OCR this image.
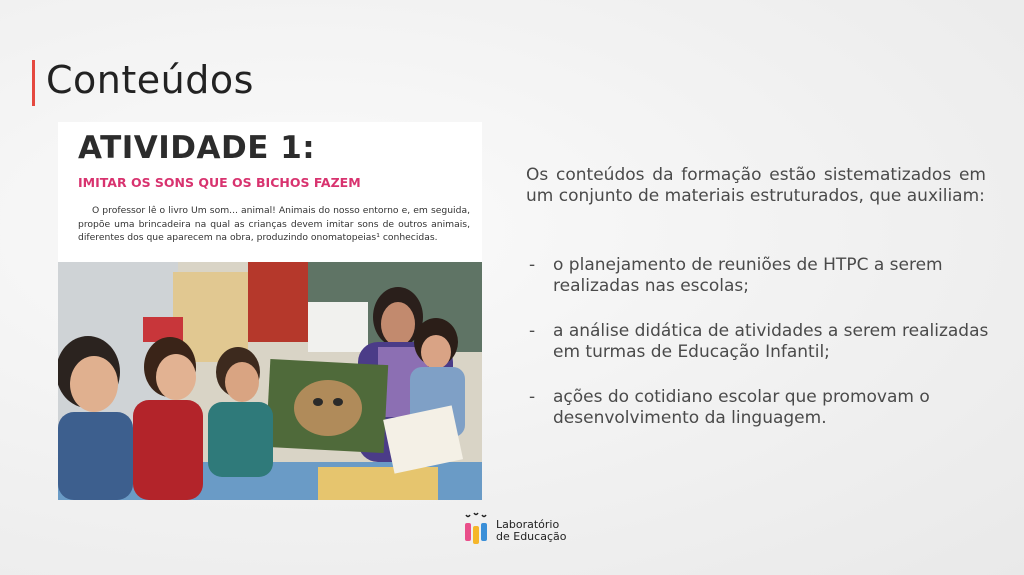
Conteúdos
ATIVIDADE 1:
IMITAR OS SONS QUE OS BICHOS FAZEM
O professor lê o livro Um som... animal! Animais do nosso entorno e, em seguida, propõe uma brincadeira na qual as crianças devem imitar sons de outros animais, diferentes dos que aparecem na obra, produzindo onomatopeias¹ conhecidas.
Os conteúdos da formação estão sistematizados em um conjunto de materiais estruturados, que auxiliam:
- o planejamento de reuniões de HTPC a serem realizadas nas escolas;
- a análise didática de atividades a serem realizadas em turmas de Educação Infantil;
- ações do cotidiano escolar que promovam o desenvolvimento da linguagem.
Laboratório
de Educação
